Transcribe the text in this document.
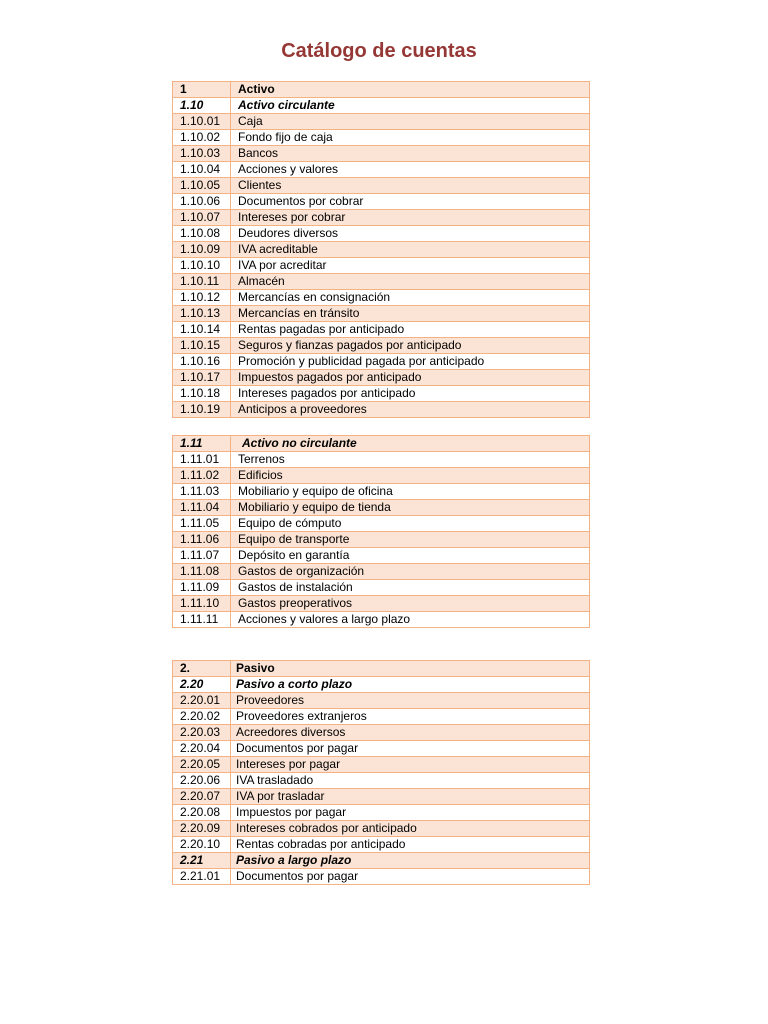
Catálogo de cuentas
1	Activo
1.10	Activo circulante
1.10.01	Caja
1.10.02	Fondo fijo de caja
1.10.03	Bancos
1.10.04	Acciones y valores
1.10.05	Clientes
1.10.06	Documentos por cobrar
1.10.07	Intereses por cobrar
1.10.08	Deudores diversos
1.10.09	IVA acreditable
1.10.10	IVA por acreditar
1.10.11	Almacén
1.10.12	Mercancías en consignación
1.10.13	Mercancías en tránsito
1.10.14	Rentas pagadas por anticipado
1.10.15	Seguros y fianzas pagados por anticipado
1.10.16	Promoción y publicidad pagada por anticipado
1.10.17	Impuestos pagados por anticipado
1.10.18	Intereses pagados por anticipado
1.10.19	Anticipos a proveedores
1.11	Activo no circulante
1.11.01	Terrenos
1.11.02	Edificios
1.11.03	Mobiliario y equipo de oficina
1.11.04	Mobiliario y equipo de tienda
1.11.05	Equipo de cómputo
1.11.06	Equipo de transporte
1.11.07	Depósito en garantía
1.11.08	Gastos de organización
1.11.09	Gastos de instalación
1.11.10	Gastos preoperativos
1.11.11	Acciones y valores a largo plazo
2.	Pasivo
2.20	Pasivo a corto plazo
2.20.01	Proveedores
2.20.02	Proveedores extranjeros
2.20.03	Acreedores diversos
2.20.04	Documentos por pagar
2.20.05	Intereses por pagar
2.20.06	IVA trasladado
2.20.07	IVA por trasladar
2.20.08	Impuestos por pagar
2.20.09	Intereses cobrados por anticipado
2.20.10	Rentas cobradas por anticipado
2.21	Pasivo a largo plazo
2.21.01	Documentos por pagar
